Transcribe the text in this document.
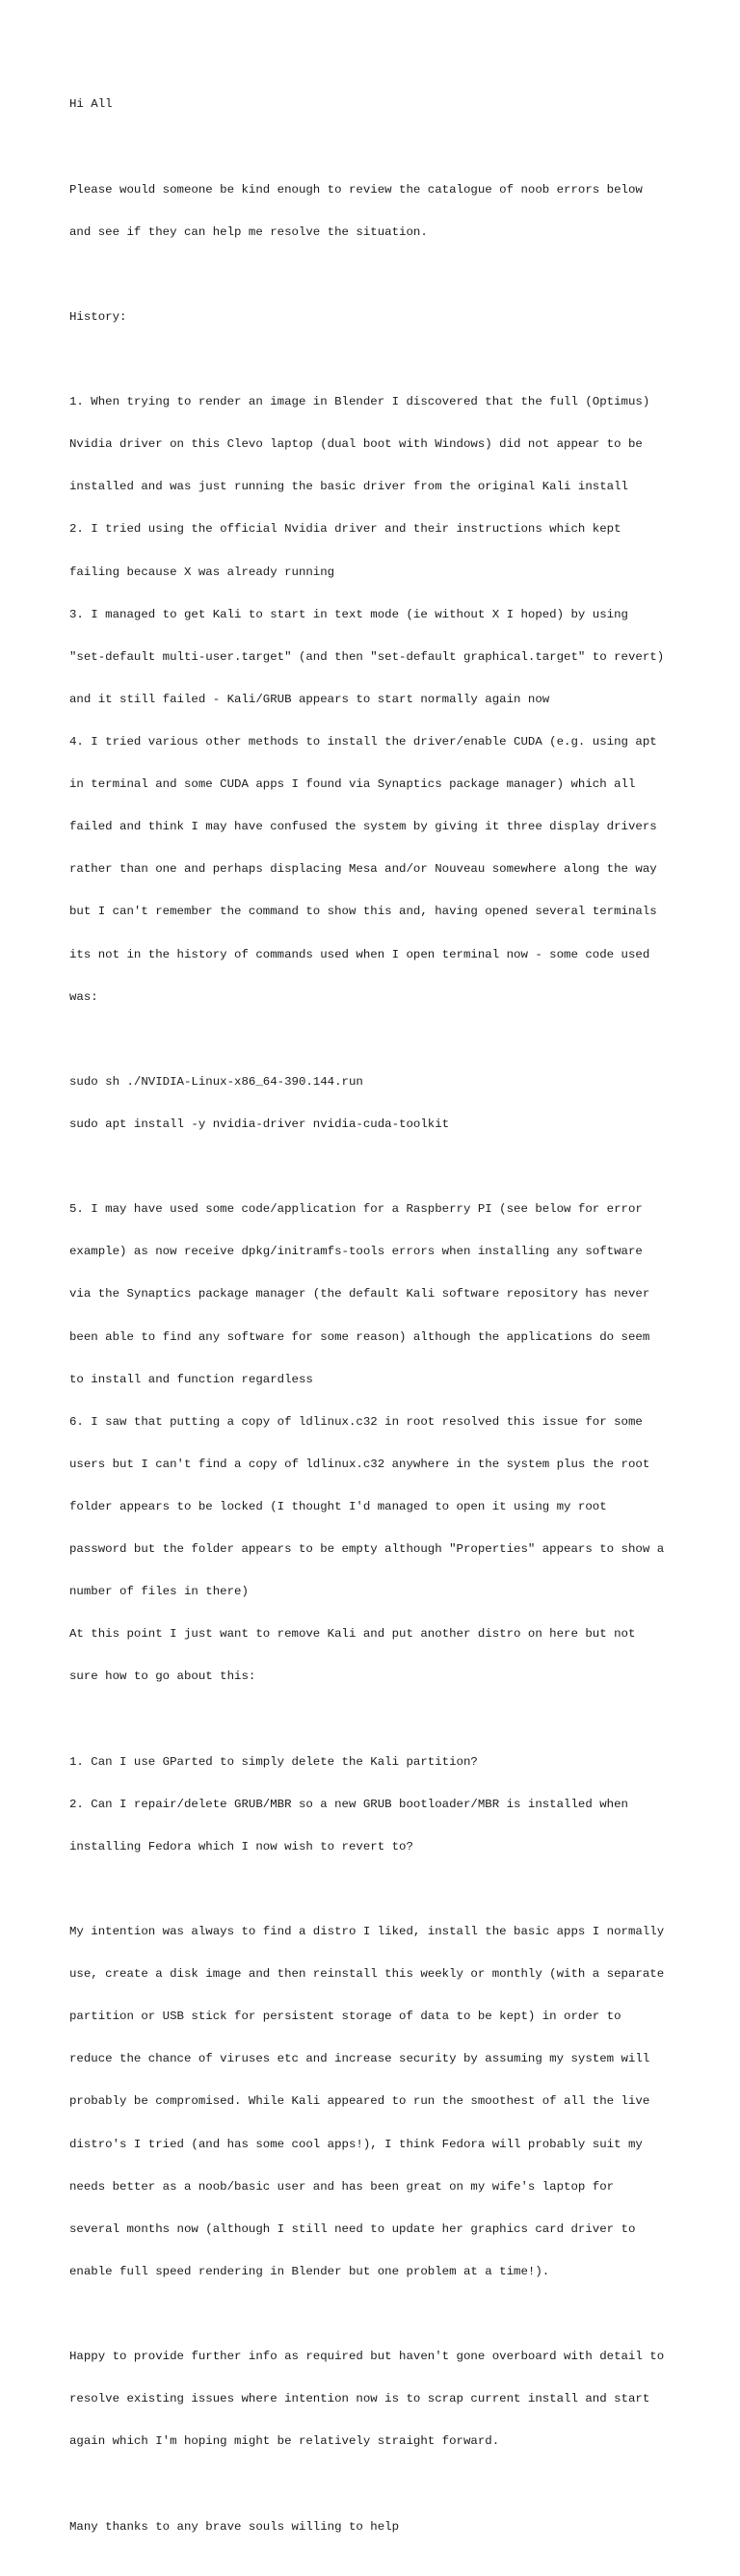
Hi All

Please would someone be kind enough to review the catalogue of noob errors below

and see if they can help me resolve the situation.

History:

1. When trying to render an image in Blender I discovered that the full (Optimus)

Nvidia driver on this Clevo laptop (dual boot with Windows) did not appear to be

installed and was just running the basic driver from the original Kali install

2. I tried using the official Nvidia driver and their instructions which kept

failing because X was already running

3. I managed to get Kali to start in text mode (ie without X I hoped) by using

"set-default multi-user.target" (and then "set-default graphical.target" to revert)

and it still failed - Kali/GRUB appears to start normally again now

4. I tried various other methods to install the driver/enable CUDA (e.g. using apt

in terminal and some CUDA apps I found via Synaptics package manager) which all

failed and think I may have confused the system by giving it three display drivers

rather than one and perhaps displacing Mesa and/or Nouveau somewhere along the way

but I can't remember the command to show this and, having opened several terminals

its not in the history of commands used when I open terminal now - some code used

was:

sudo sh ./NVIDIA-Linux-x86_64-390.144.run

sudo apt install -y nvidia-driver nvidia-cuda-toolkit

5. I may have used some code/application for a Raspberry PI (see below for error

example) as now receive dpkg/initramfs-tools errors when installing any software

via the Synaptics package manager (the default Kali software repository has never

been able to find any software for some reason) although the applications do seem

to install and function regardless

6. I saw that putting a copy of ldlinux.c32 in root resolved this issue for some

users but I can't find a copy of ldlinux.c32 anywhere in the system plus the root

folder appears to be locked (I thought I'd managed to open it using my root

password but the folder appears to be empty although "Properties" appears to show a

number of files in there)

At this point I just want to remove Kali and put another distro on here but not

sure how to go about this:

1. Can I use GParted to simply delete the Kali partition?

2. Can I repair/delete GRUB/MBR so a new GRUB bootloader/MBR is installed when

installing Fedora which I now wish to revert to?

My intention was always to find a distro I liked, install the basic apps I normally

use, create a disk image and then reinstall this weekly or monthly (with a separate

partition or USB stick for persistent storage of data to be kept) in order to

reduce the chance of viruses etc and increase security by assuming my system will

probably be compromised. While Kali appeared to run the smoothest of all the live

distro's I tried (and has some cool apps!), I think Fedora will probably suit my

needs better as a noob/basic user and has been great on my wife's laptop for

several months now (although I still need to update her graphics card driver to

enable full speed rendering in Blender but one problem at a time!).

Happy to provide further info as required but haven't gone overboard with detail to

resolve existing issues where intention now is to scrap current install and start

again which I'm hoping might be relatively straight forward.

Many thanks to any brave souls willing to help
